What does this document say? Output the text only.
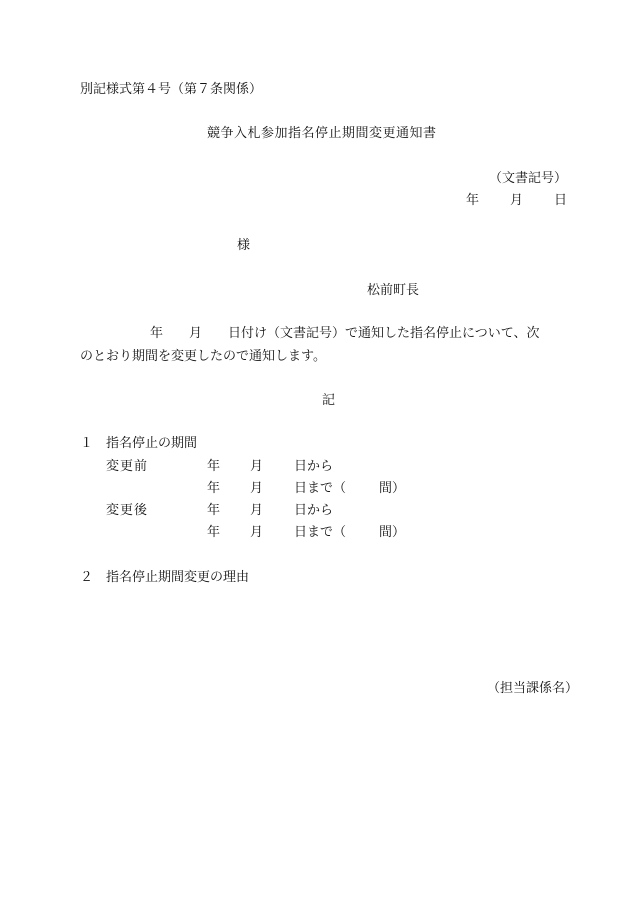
別記様式第４号（第７条関係）
競争入札参加指名停止期間変更通知書
（文書記号）
年 月 日
様
松前町長
年　　月　　日付け（文書記号）で通知した指名停止について、次
のとおり期間を変更したので通知します。
記
１ 指名停止の期間
変更前	年 月 日から
年 月 日まで（	間）
変更後	年 月 日から
年 月 日まで（	間）
２ 指名停止期間変更の理由
（担当課係名）
